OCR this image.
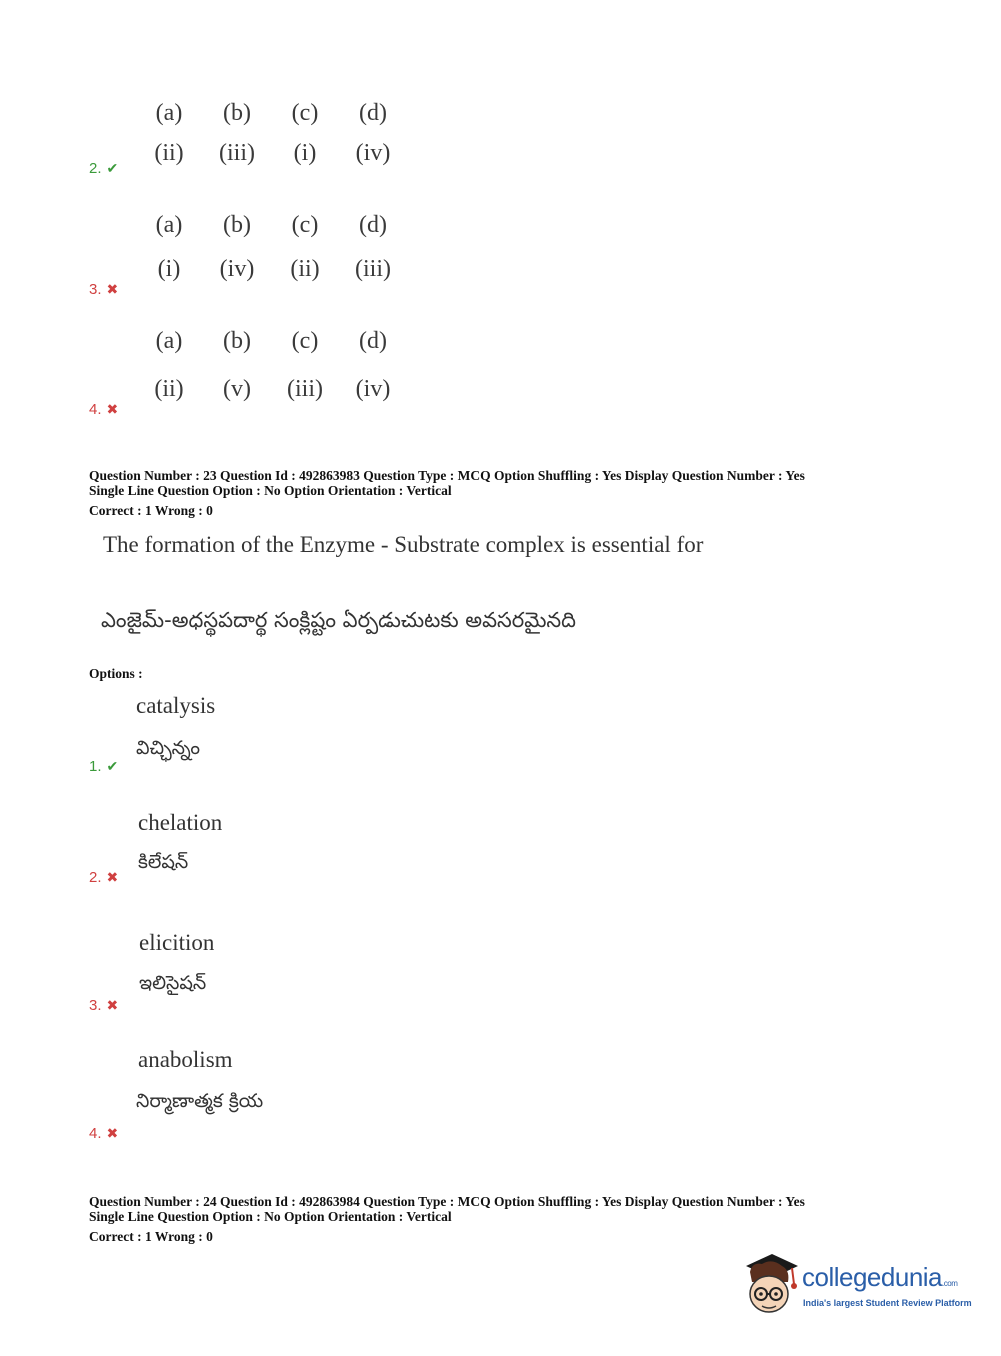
(a)	(b)	(c)	(d)
(ii)	(iii)	(i)	(iv)
2. ✔
(a)	(b)	(c)	(d)
(i)	(iv)	(ii)	(iii)
3. ✖
(a)	(b)	(c)	(d)
(ii)	(v)	(iii)	(iv)
4. ✖
Question Number : 23 Question Id : 492863983 Question Type : MCQ Option Shuffling : Yes Display Question Number : Yes
Single Line Question Option : No Option Orientation : Vertical
Correct : 1 Wrong : 0
The formation of the Enzyme - Substrate complex is essential for
ఎంజైమ్-అధస్థపదార్థ సంక్లిష్టం ఏర్పడుచుటకు అవసరమైనది
Options :
catalysis
విచ్ఛిన్నం
1. ✔
chelation
కిలేషన్
2. ✖
elicition
ఇలిసైషన్
3. ✖
anabolism
నిర్మాణాత్మక క్రియ
4. ✖
Question Number : 24 Question Id : 492863984 Question Type : MCQ Option Shuffling : Yes Display Question Number : Yes
Single Line Question Option : No Option Orientation : Vertical
Correct : 1 Wrong : 0
collegedunia.com
India's largest Student Review Platform
